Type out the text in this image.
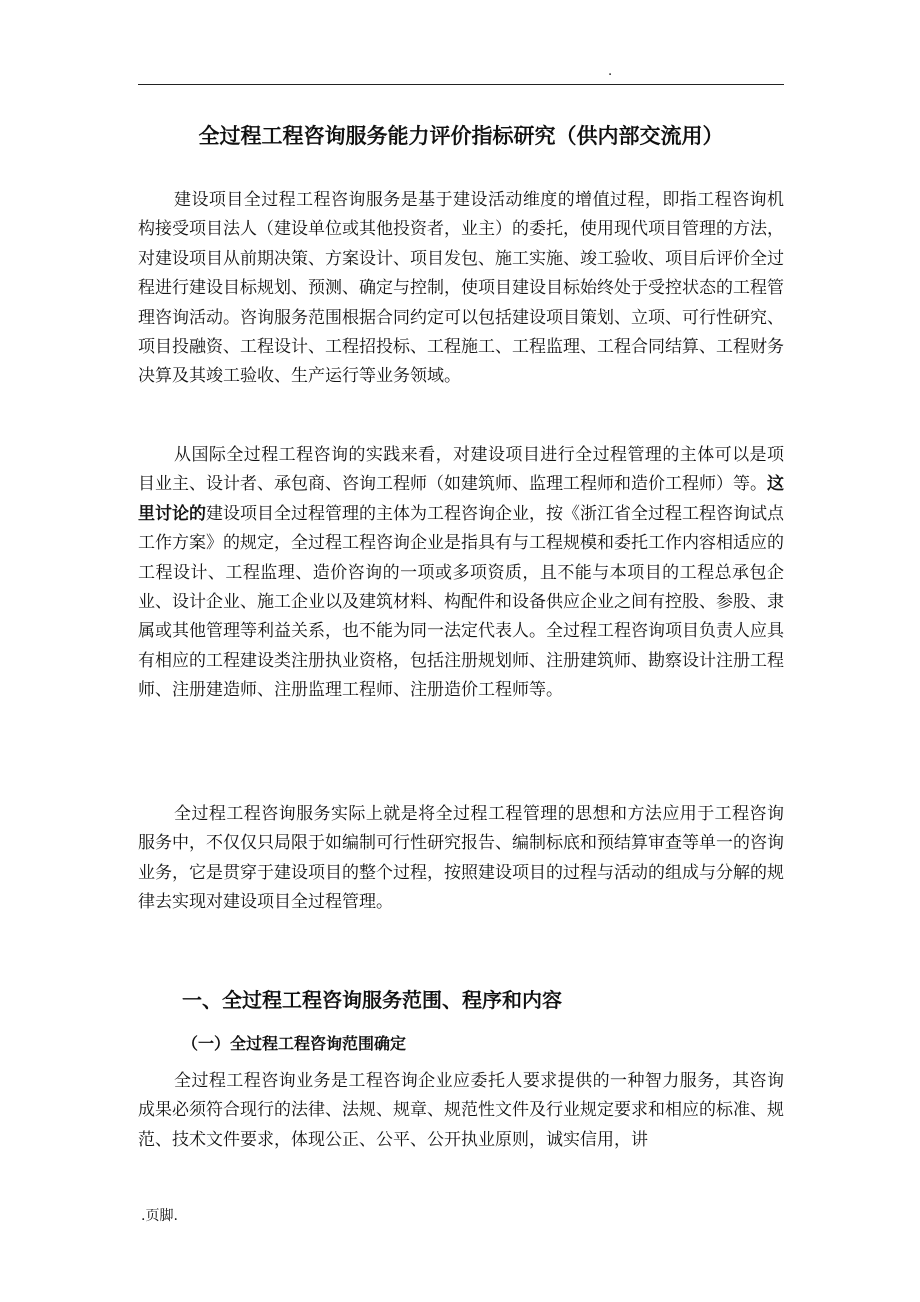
.
全过程工程咨询服务能力评价指标研究（供内部交流用）

建设项目全过程工程咨询服务是基于建设活动维度的增值过程，即指工程咨询机构接受项目法人（建设单位或其他投资者，业主）的委托，使用现代项目管理的方法，对建设项目从前期决策、方案设计、项目发包、施工实施、竣工验收、项目后评价全过程进行建设目标规划、预测、确定与控制，使项目建设目标始终处于受控状态的工程管理咨询活动。咨询服务范围根据合同约定可以包括建设项目策划、立项、可行性研究、项目投融资、工程设计、工程招投标、工程施工、工程监理、工程合同结算、工程财务决算及其竣工验收、生产运行等业务领域。

从国际全过程工程咨询的实践来看，对建设项目进行全过程管理的主体可以是项目业主、设计者、承包商、咨询工程师（如建筑师、监理工程师和造价工程师）等。这里讨论的建设项目全过程管理的主体为工程咨询企业，按《浙江省全过程工程咨询试点工作方案》的规定，全过程工程咨询企业是指具有与工程规模和委托工作内容相适应的工程设计、工程监理、造价咨询的一项或多项资质，且不能与本项目的工程总承包企业、设计企业、施工企业以及建筑材料、构配件和设备供应企业之间有控股、参股、隶属或其他管理等利益关系，也不能为同一法定代表人。全过程工程咨询项目负责人应具有相应的工程建设类注册执业资格，包括注册规划师、注册建筑师、勘察设计注册工程师、注册建造师、注册监理工程师、注册造价工程师等。

全过程工程咨询服务实际上就是将全过程工程管理的思想和方法应用于工程咨询服务中，不仅仅只局限于如编制可行性研究报告、编制标底和预结算审查等单一的咨询业务，它是贯穿于建设项目的整个过程，按照建设项目的过程与活动的组成与分解的规律去实现对建设项目全过程管理。

一、全过程工程咨询服务范围、程序和内容
（一）全过程工程咨询范围确定

全过程工程咨询业务是工程咨询企业应委托人要求提供的一种智力服务，其咨询成果必须符合现行的法律、法规、规章、规范性文件及行业规定要求和相应的标准、规范、技术文件要求，体现公正、公平、公开执业原则，诚实信用，讲

.页脚.
